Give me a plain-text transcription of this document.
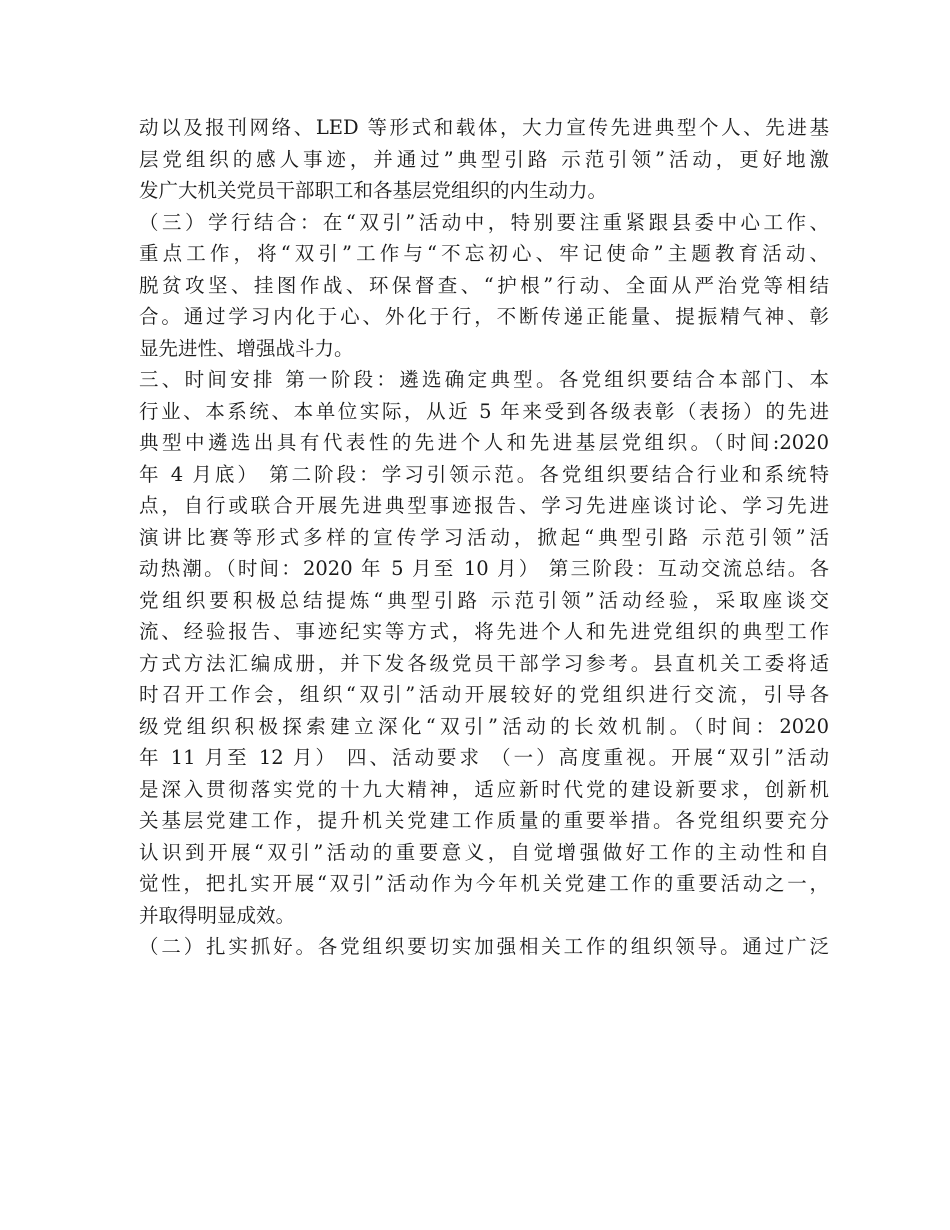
动以及报刊网络、LED 等形式和载体，大力宣传先进典型个人、先进基
层党组织的感人事迹，并通过”典型引路 示范引领”活动，更好地激
发广大机关党员干部职工和各基层党组织的内生动力。
（三）学行结合：在“双引”活动中，特别要注重紧跟县委中心工作、
重点工作，将“双引”工作与“不忘初心、牢记使命”主题教育活动、
脱贫攻坚、挂图作战、环保督查、“护根”行动、全面从严治党等相结
合。通过学习内化于心、外化于行，不断传递正能量、提振精气神、彰
显先进性、增强战斗力。
三、时间安排 第一阶段：遴选确定典型。各党组织要结合本部门、本
行业、本系统、本单位实际，从近 5 年来受到各级表彰（表扬）的先进
典型中遴选出具有代表性的先进个人和先进基层党组织。（时间:2020
年 4 月底） 第二阶段：学习引领示范。各党组织要结合行业和系统特
点，自行或联合开展先进典型事迹报告、学习先进座谈讨论、学习先进
演讲比赛等形式多样的宣传学习活动，掀起“典型引路 示范引领”活
动热潮。（时间：2020 年 5 月至 10 月） 第三阶段：互动交流总结。各
党组织要积极总结提炼“典型引路 示范引领”活动经验，采取座谈交
流、经验报告、事迹纪实等方式，将先进个人和先进党组织的典型工作
方式方法汇编成册，并下发各级党员干部学习参考。县直机关工委将适
时召开工作会，组织“双引”活动开展较好的党组织进行交流，引导各
级党组织积极探索建立深化“双引”活动的长效机制。（时间：2020
年 11 月至 12 月） 四、活动要求 （一）高度重视。开展“双引”活动
是深入贯彻落实党的十九大精神，适应新时代党的建设新要求，创新机
关基层党建工作，提升机关党建工作质量的重要举措。各党组织要充分
认识到开展“双引”活动的重要意义，自觉增强做好工作的主动性和自
觉性，把扎实开展“双引”活动作为今年机关党建工作的重要活动之一，
并取得明显成效。
（二）扎实抓好。各党组织要切实加强相关工作的组织领导。通过广泛
